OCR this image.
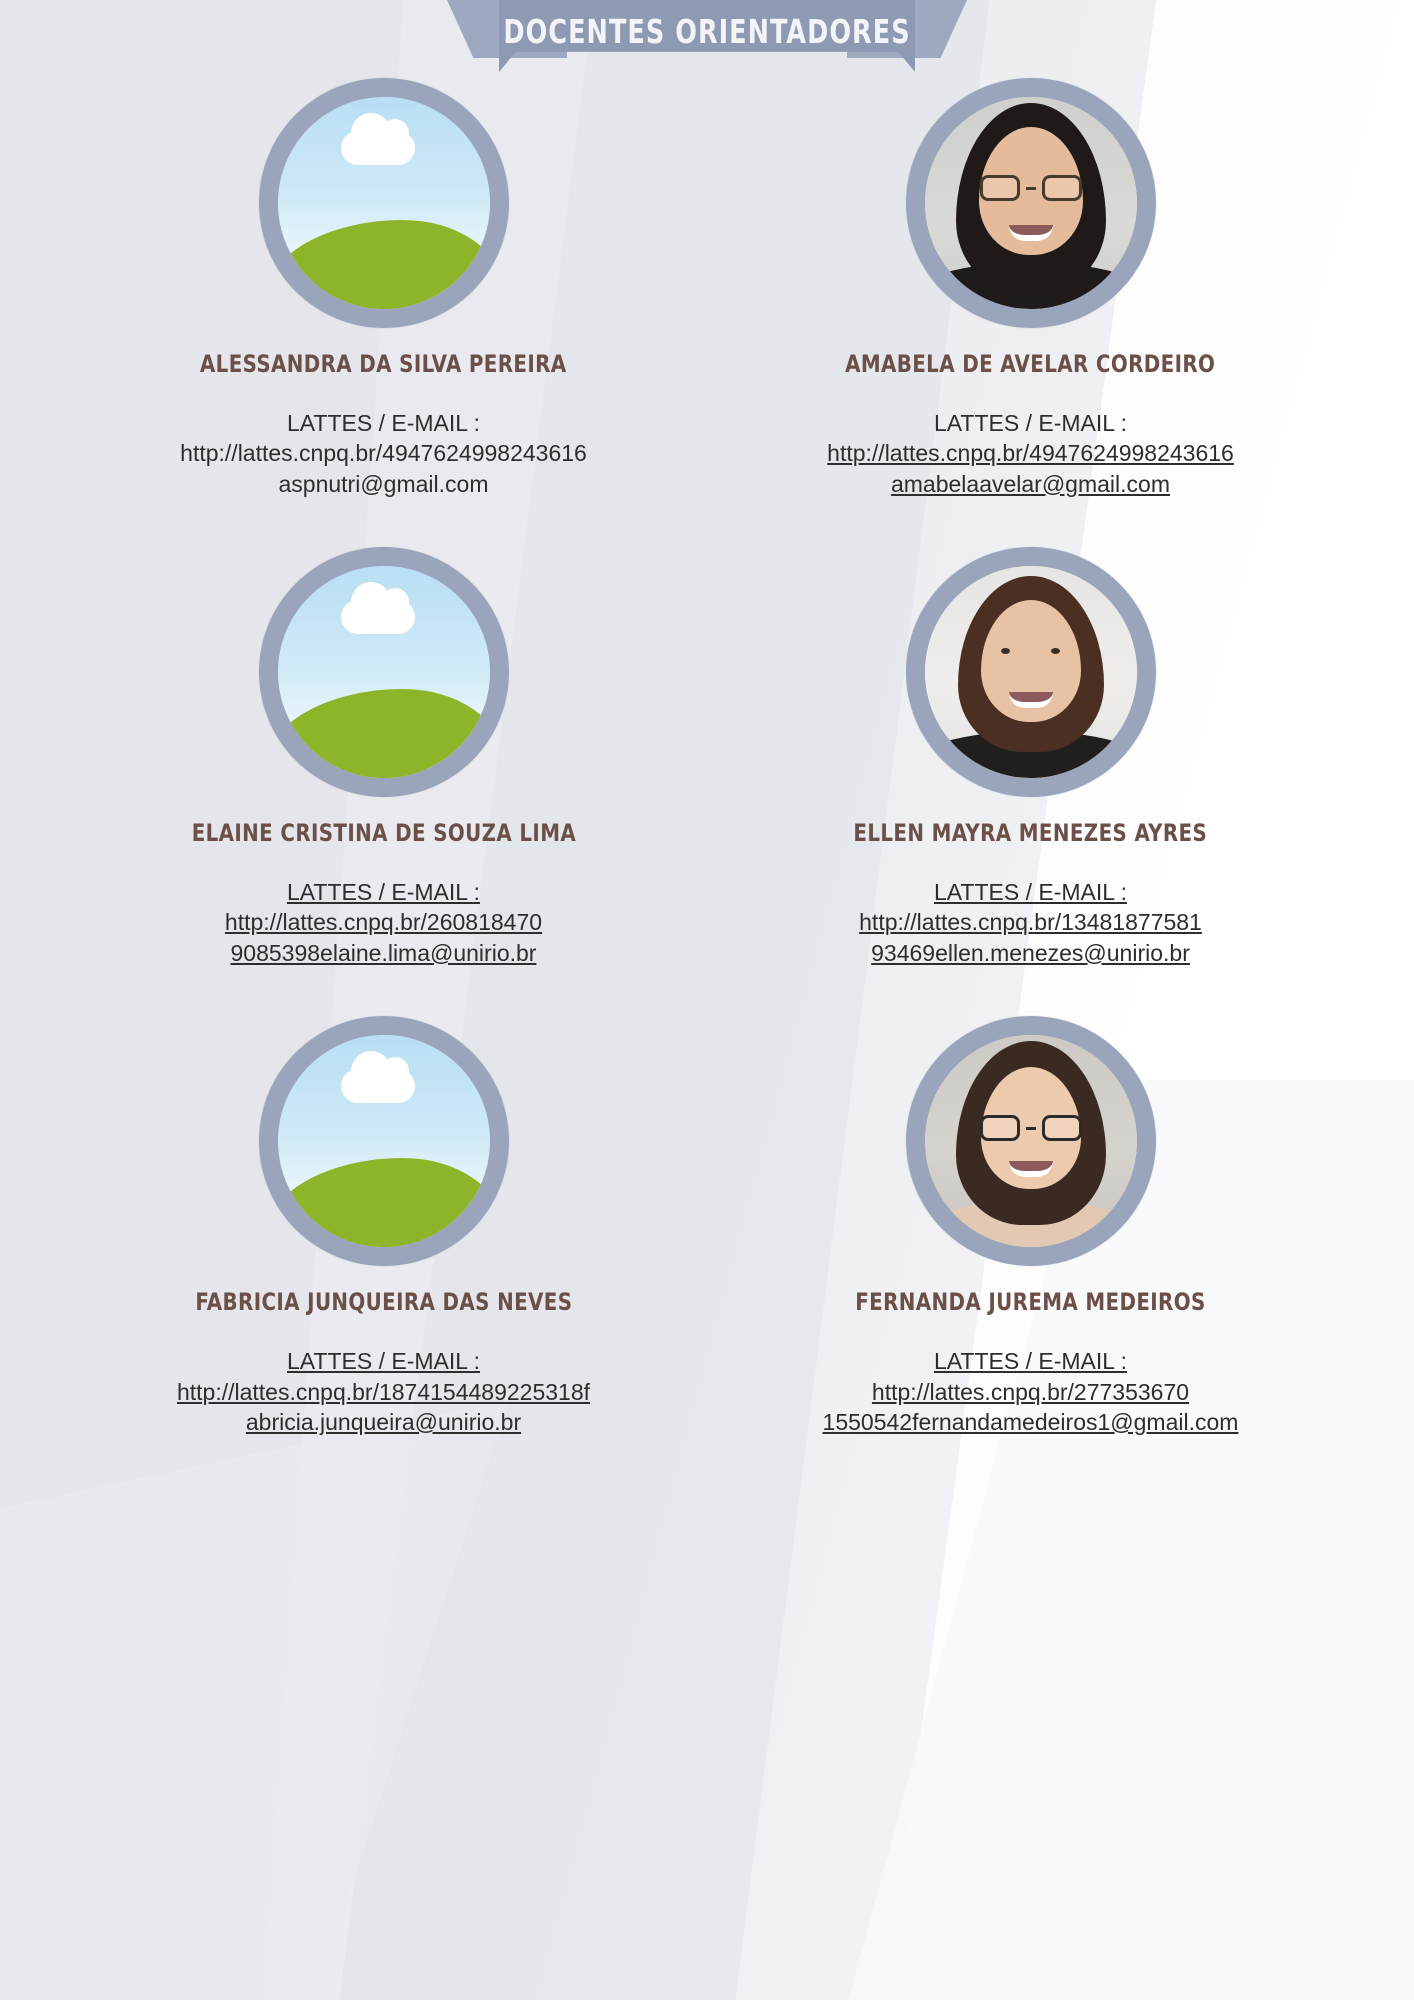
DOCENTES ORIENTADORES
ALESSANDRA DA SILVA PEREIRA
LATTES / E-MAIL :
http://lattes.cnpq.br/4947624998243616
aspnutri@gmail.com
AMABELA DE AVELAR CORDEIRO
LATTES / E-MAIL :
http://lattes.cnpq.br/4947624998243616
amabelaavelar@gmail.com
ELAINE CRISTINA DE SOUZA LIMA
LATTES / E-MAIL :
http://lattes.cnpq.br/260818470
9085398elaine.lima@unirio.br
ELLEN MAYRA MENEZES AYRES
LATTES / E-MAIL :
http://lattes.cnpq.br/13481877581
93469ellen.menezes@unirio.br
FABRICIA JUNQUEIRA DAS NEVES
LATTES / E-MAIL :
http://lattes.cnpq.br/1874154489225318f
abricia.junqueira@unirio.br
FERNANDA JUREMA MEDEIROS
LATTES / E-MAIL :
http://lattes.cnpq.br/277353670
1550542fernandamedeiros1@gmail.com
